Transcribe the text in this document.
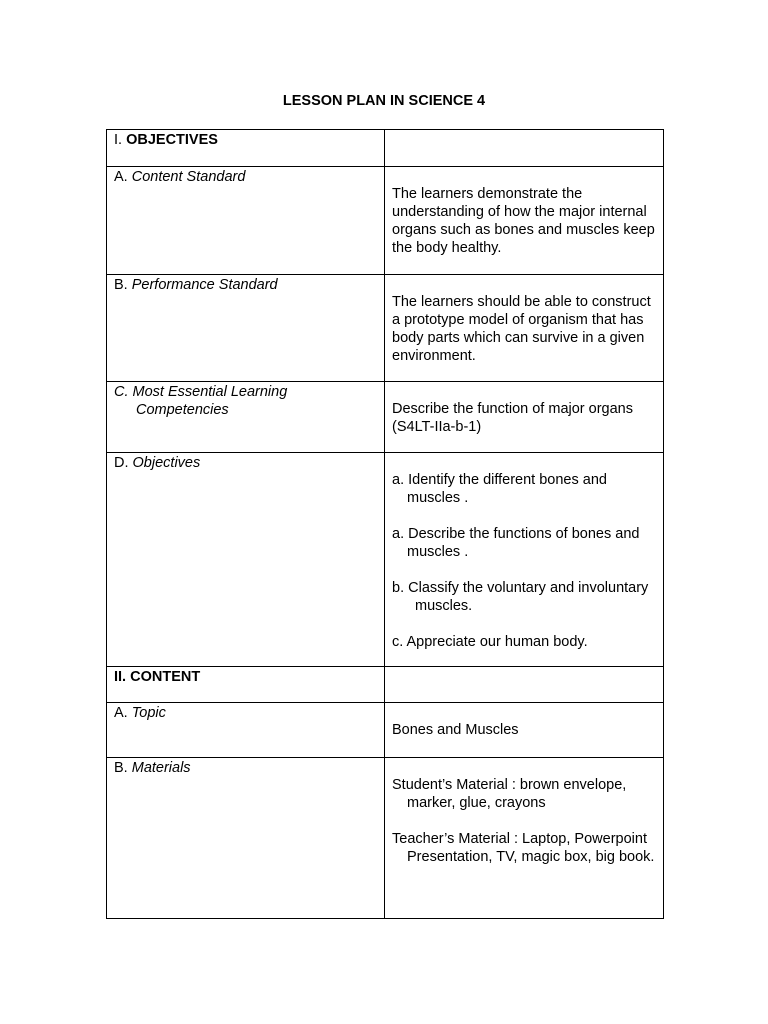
LESSON PLAN IN SCIENCE 4
I. OBJECTIVES	

A. Content Standard	The learners demonstrate the understanding of how the major internal organs such as bones and muscles keep the body healthy.

B. Performance Standard	The learners should be able to construct a prototype model of organism that has body parts which can survive in a given environment.

C. Most Essential Learning
Competencies	Describe the function of major organs (S4LT-IIa-b-1)

D. Objectives	a. Identify the different bones and muscles .

a. Describe the functions of bones and muscles .

b. Classify the voluntary and involuntary muscles.

c. Appreciate our human body.

II. CONTENT	

A. Topic	Bones and Muscles

B. Materials	Student’s Material : brown envelope, marker, glue, crayons

Teacher’s Material : Laptop, Powerpoint Presentation, TV, magic box, big book.
